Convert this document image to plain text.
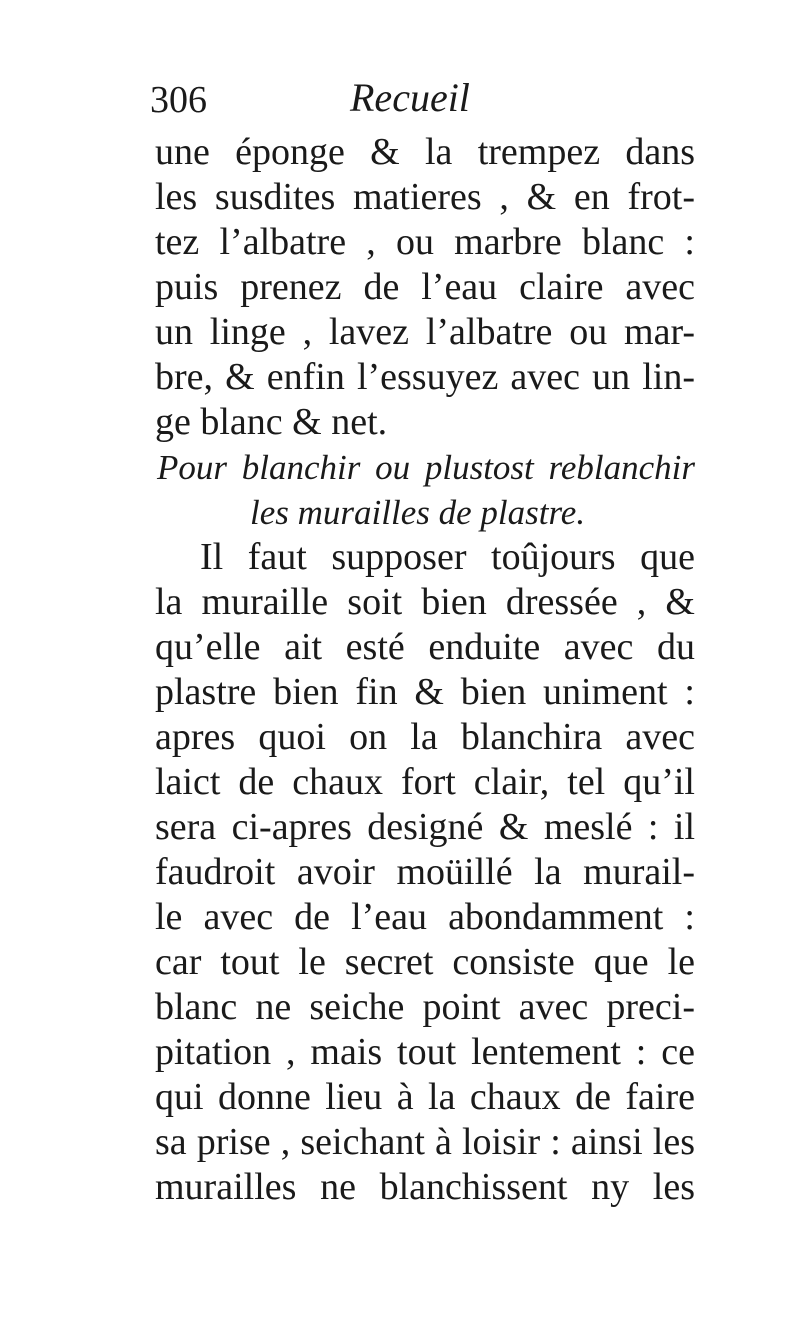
306	Recueil
une éponge & la trempez dans
les susdites matieres , & en frot-
tez l’albatre , ou marbre blanc :
puis prenez de l’eau claire avec
un linge , lavez l’albatre ou mar-
bre, & enfin l’essuyez avec un lin-
ge blanc & net.
Pour blanchir ou plustost reblanchir
les murailles de plastre.
Il faut supposer toûjours que
la muraille soit bien dressée , &
qu’elle ait esté enduite avec du
plastre bien fin & bien uniment :
apres quoi on la blanchira avec
laict de chaux fort clair, tel qu’il
sera ci-apres designé & meslé : il
faudroit avoir moüillé la murail-
le avec de l’eau abondamment :
car tout le secret consiste que le
blanc ne seiche point avec preci-
pitation , mais tout lentement : ce
qui donne lieu à la chaux de faire
sa prise , seichant à loisir : ainsi les
murailles ne blanchissent ny les
